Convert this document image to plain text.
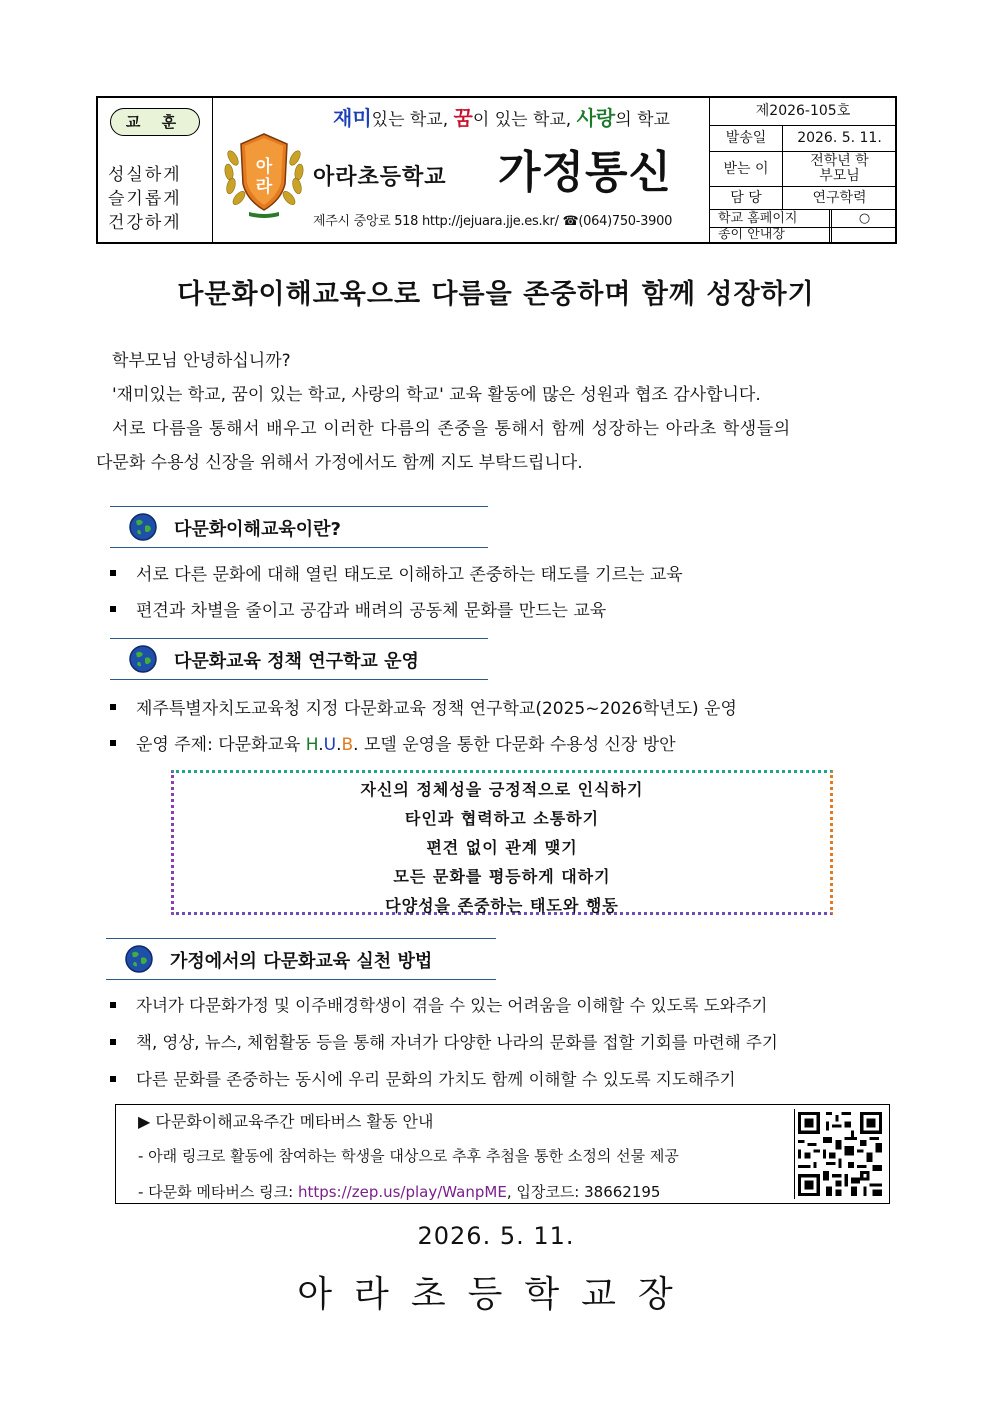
교 훈
성실하게
슬기롭게
건강하게
재미있는 학교, 꿈이 있는 학교, 사랑의 학교
아
라 아라초등학교 가정통신
제주시 중앙로 518 http://jejuara.jje.es.kr/ ☎(064)750-3900
제2026-105호
발송일	2026. 5. 11.
받는 이	전학년 학부모님
담 당	연구학력
학교 홈페이지	○
종이 안내장
다문화이해교육으로 다름을 존중하며 함께 성장하기
학부모님 안녕하십니까?
'재미있는 학교, 꿈이 있는 학교, 사랑의 학교' 교육 활동에 많은 성원과 협조 감사합니다.
서로 다름을 통해서 배우고 이러한 다름의 존중을 통해서 함께 성장하는 아라초 학생들의
다문화 수용성 신장을 위해서 가정에서도 함께 지도 부탁드립니다.
다문화이해교육이란?
서로 다른 문화에 대해 열린 태도로 이해하고 존중하는 태도를 기르는 교육
편견과 차별을 줄이고 공감과 배려의 공동체 문화를 만드는 교육
다문화교육 정책 연구학교 운영
제주특별자치도교육청 지정 다문화교육 정책 연구학교(2025~2026학년도) 운영
운영 주제: 다문화교육 H.U.B. 모델 운영을 통한 다문화 수용성 신장 방안
자신의 정체성을 긍정적으로 인식하기
타인과 협력하고 소통하기
편견 없이 관계 맺기
모든 문화를 평등하게 대하기
다양성을 존중하는 태도와 행동
가정에서의 다문화교육 실천 방법
자녀가 다문화가정 및 이주배경학생이 겪을 수 있는 어려움을 이해할 수 있도록 도와주기
책, 영상, 뉴스, 체험활동 등을 통해 자녀가 다양한 나라의 문화를 접할 기회를 마련해 주기
다른 문화를 존중하는 동시에 우리 문화의 가치도 함께 이해할 수 있도록 지도해주기
▶ 다문화이해교육주간 메타버스 활동 안내
- 아래 링크로 활동에 참여하는 학생을 대상으로 추후 추첨을 통한 소정의 선물 제공
- 다문화 메타버스 링크: https://zep.us/play/WanpME, 입장코드: 38662195
2026. 5. 11.
아라초등학교장
